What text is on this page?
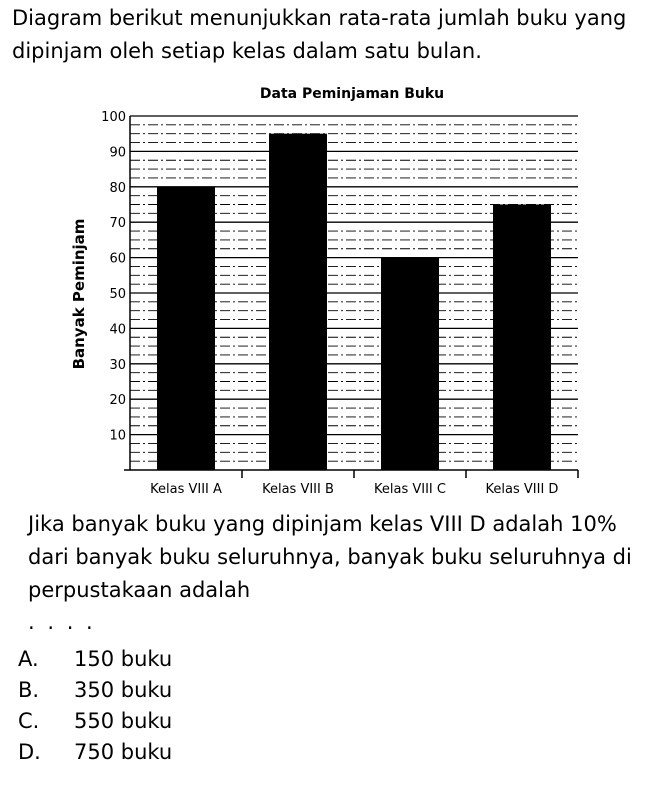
Diagram berikut menunjukkan rata-rata jumlah buku yang dipinjam oleh setiap kelas dalam satu bulan.

Data Peminjaman Buku
Banyak Peminjam
10
20
30
40
50
60
70
80
90
100
Kelas VIII A	Kelas VIII B	Kelas VIII C	Kelas VIII D

Jika banyak buku yang dipinjam kelas VIII D adalah 10% dari banyak buku seluruhnya, banyak buku seluruhnya di perpustakaan adalah

. . . .
A.	150 buku
B.	350 buku
C.	550 buku
D.	750 buku
